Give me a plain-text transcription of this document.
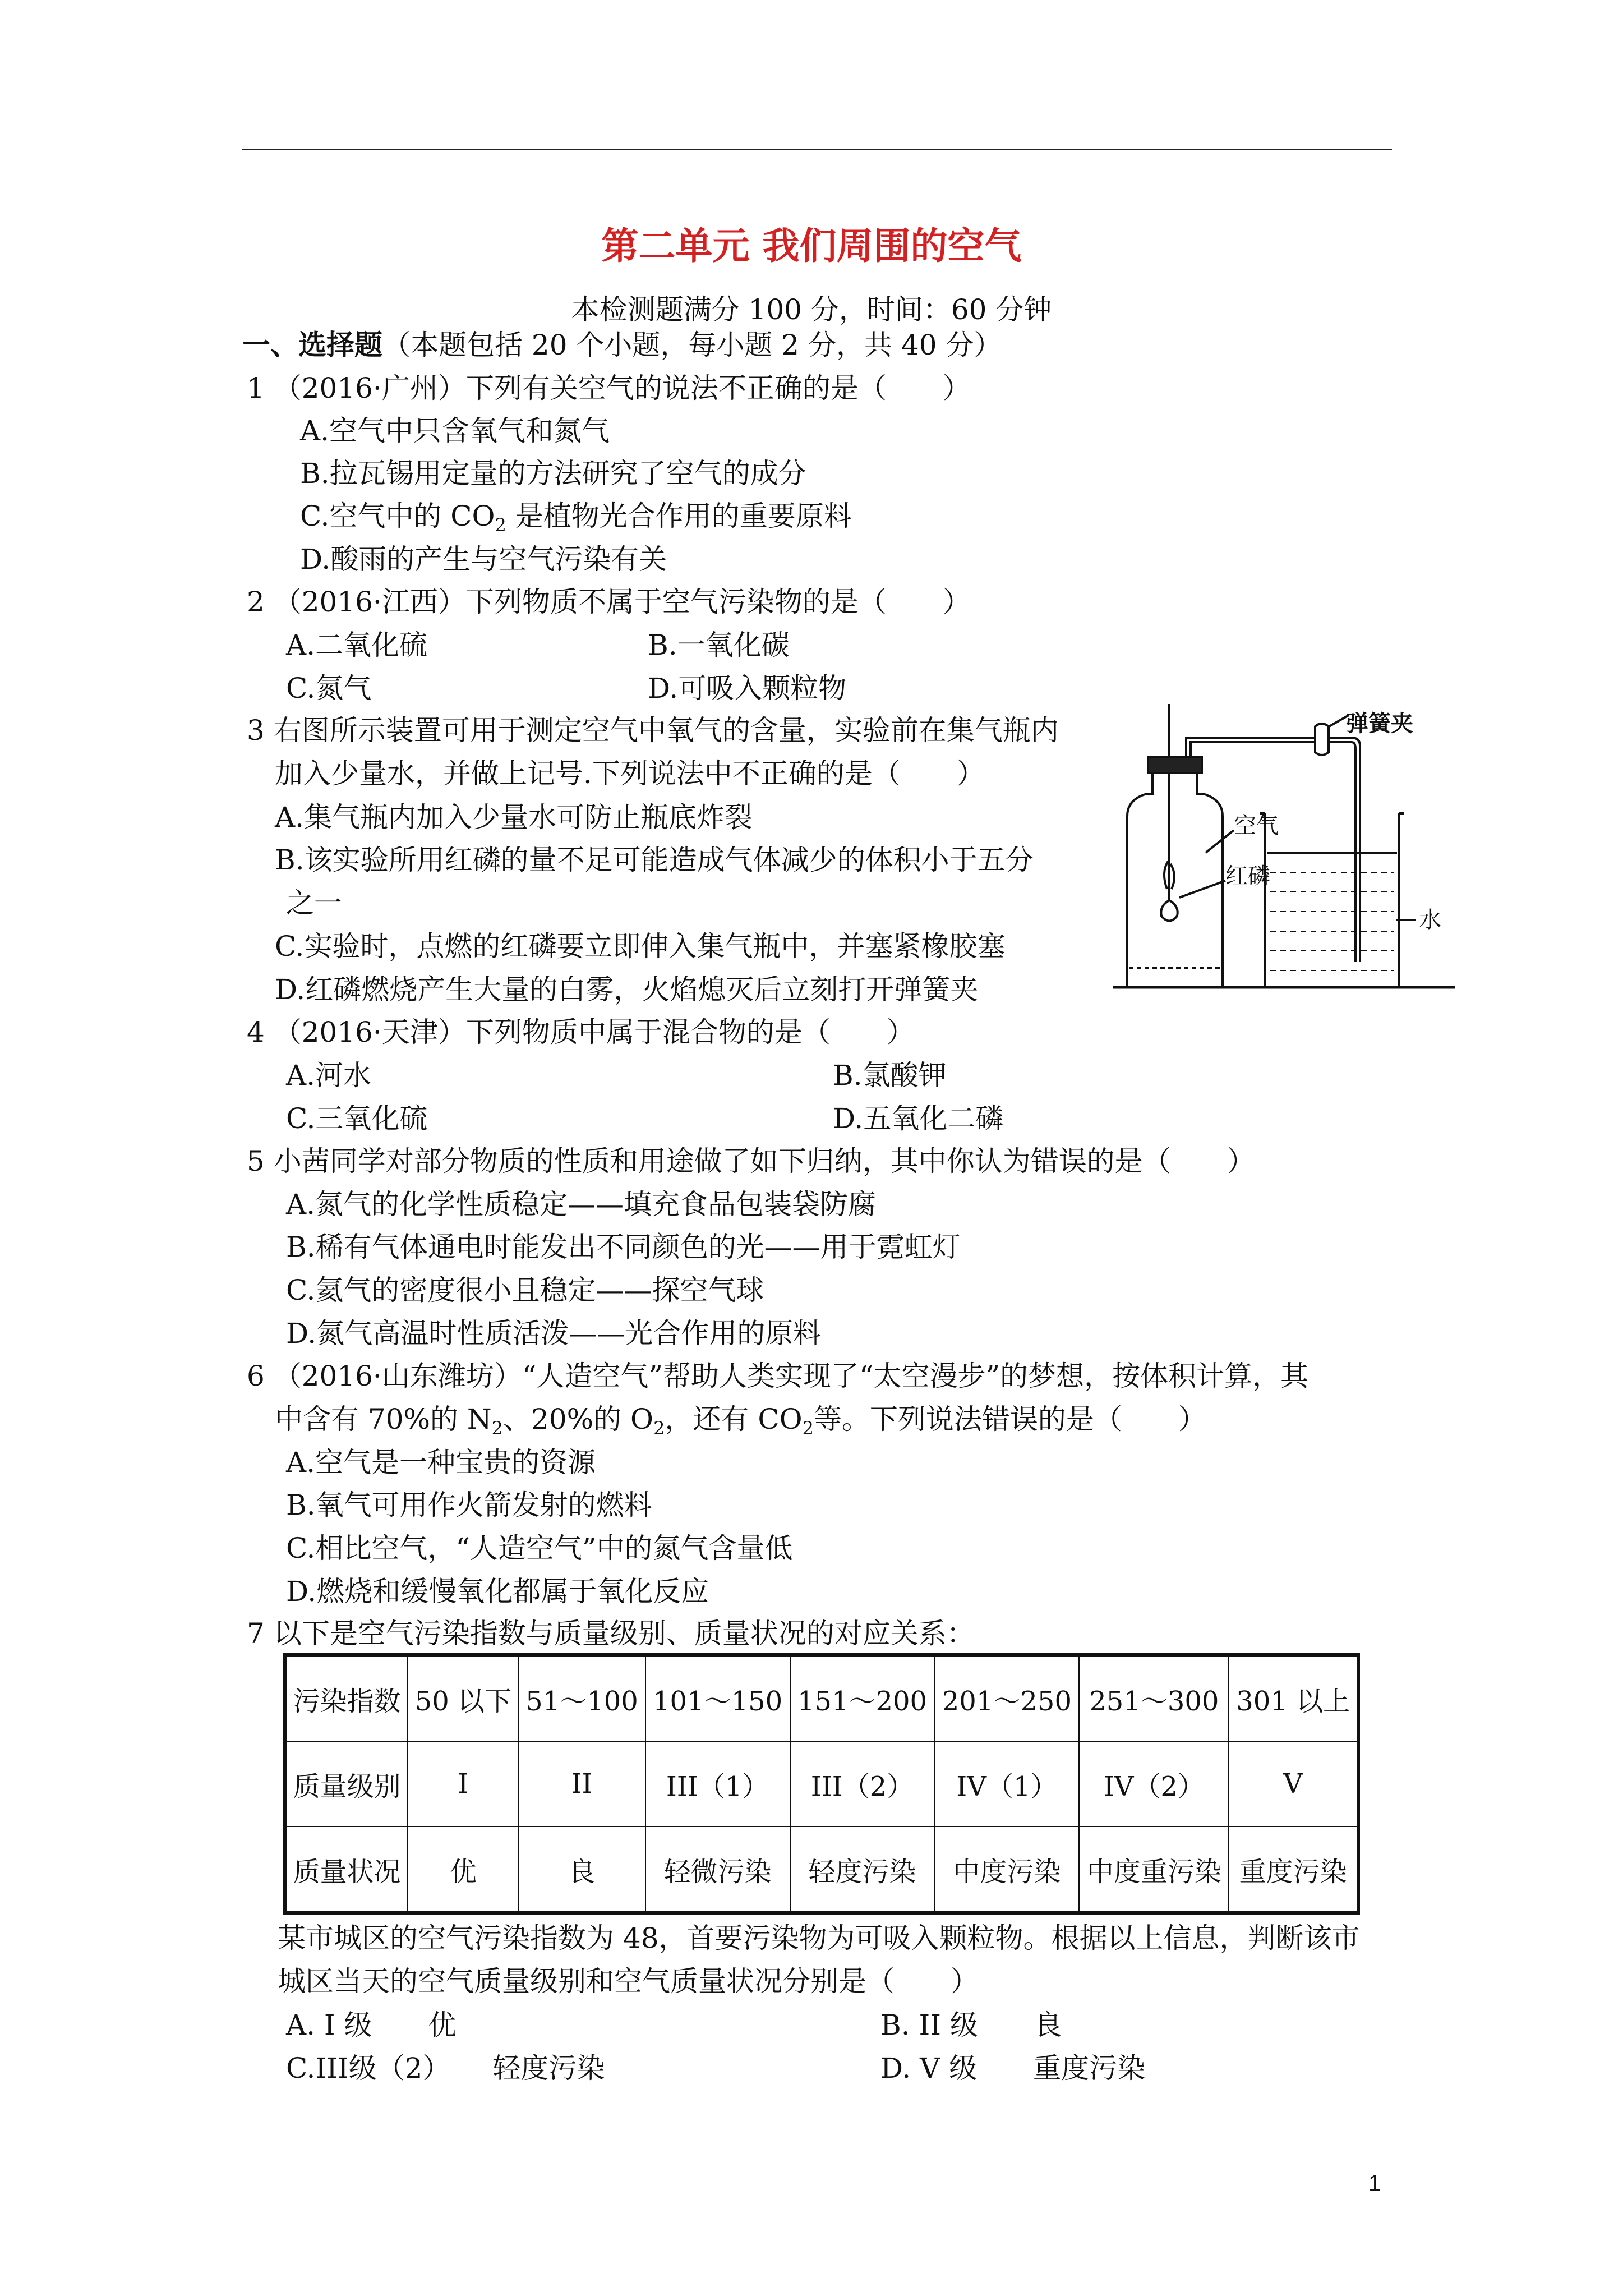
第二单元 我们周围的空气
本检测题满分 100 分，时间：60 分钟
一、选择题（本题包括 20 个小题，每小题 2 分，共 40 分）
1 （2016·广州）下列有关空气的说法不正确的是（　　）
A.空气中只含氧气和氮气
B.拉瓦锡用定量的方法研究了空气的成分
C.空气中的 $CO_2$ 是植物光合作用的重要原料
D.酸雨的产生与空气污染有关
2 （2016·江西）下列物质不属于空气污染物的是（　　）
A.二氧化硫	B.一氧化碳
C.氮气	D.可吸入颗粒物
3 右图所示装置可用于测定空气中氧气的含量，实验前在集气瓶内
加入少量水，并做上记号.下列说法中不正确的是（　　）
A.集气瓶内加入少量水可防止瓶底炸裂
B.该实验所用红磷的量不足可能造成气体减少的体积小于五分
之一
C.实验时，点燃的红磷要立即伸入集气瓶中，并塞紧橡胶塞
D.红磷燃烧产生大量的白雾，火焰熄灭后立刻打开弹簧夹
弹簧夹
空气
红磷
水
4 （2016·天津）下列物质中属于混合物的是（　　）
A.河水	B.氯酸钾
C.三氧化硫	D.五氧化二磷
5 小茜同学对部分物质的性质和用途做了如下归纳，其中你认为错误的是（　　）
A.氮气的化学性质稳定——填充食品包装袋防腐
B.稀有气体通电时能发出不同颜色的光——用于霓虹灯
C.氦气的密度很小且稳定——探空气球
D.氮气高温时性质活泼——光合作用的原料
6 （2016·山东潍坊）“人造空气”帮助人类实现了“太空漫步”的梦想，按体积计算，其
中含有 70%的 $N_2$、20%的 $O_2$，还有 $CO_2$等。下列说法错误的是（　　）
A.空气是一种宝贵的资源
B.氧气可用作火箭发射的燃料
C.相比空气，“人造空气”中的氮气含量低
D.燃烧和缓慢氧化都属于氧化反应
7 以下是空气污染指数与质量级别、质量状况的对应关系：
污染指数	50 以下	51～100	101～150	151～200	201～250	251～300	301 以上
质量级别	I	II	III（1）	III（2）	IV（1）	IV（2）	V
质量状况	优	良	轻微污染	轻度污染	中度污染	中度重污染	重度污染
某市城区的空气污染指数为 48，首要污染物为可吸入颗粒物。根据以上信息，判断该市
城区当天的空气质量级别和空气质量状况分别是（　　）
A. I 级　　优	B. II 级　　良
C.III级（2）　　轻度污染	D. V 级　　重度污染
1
